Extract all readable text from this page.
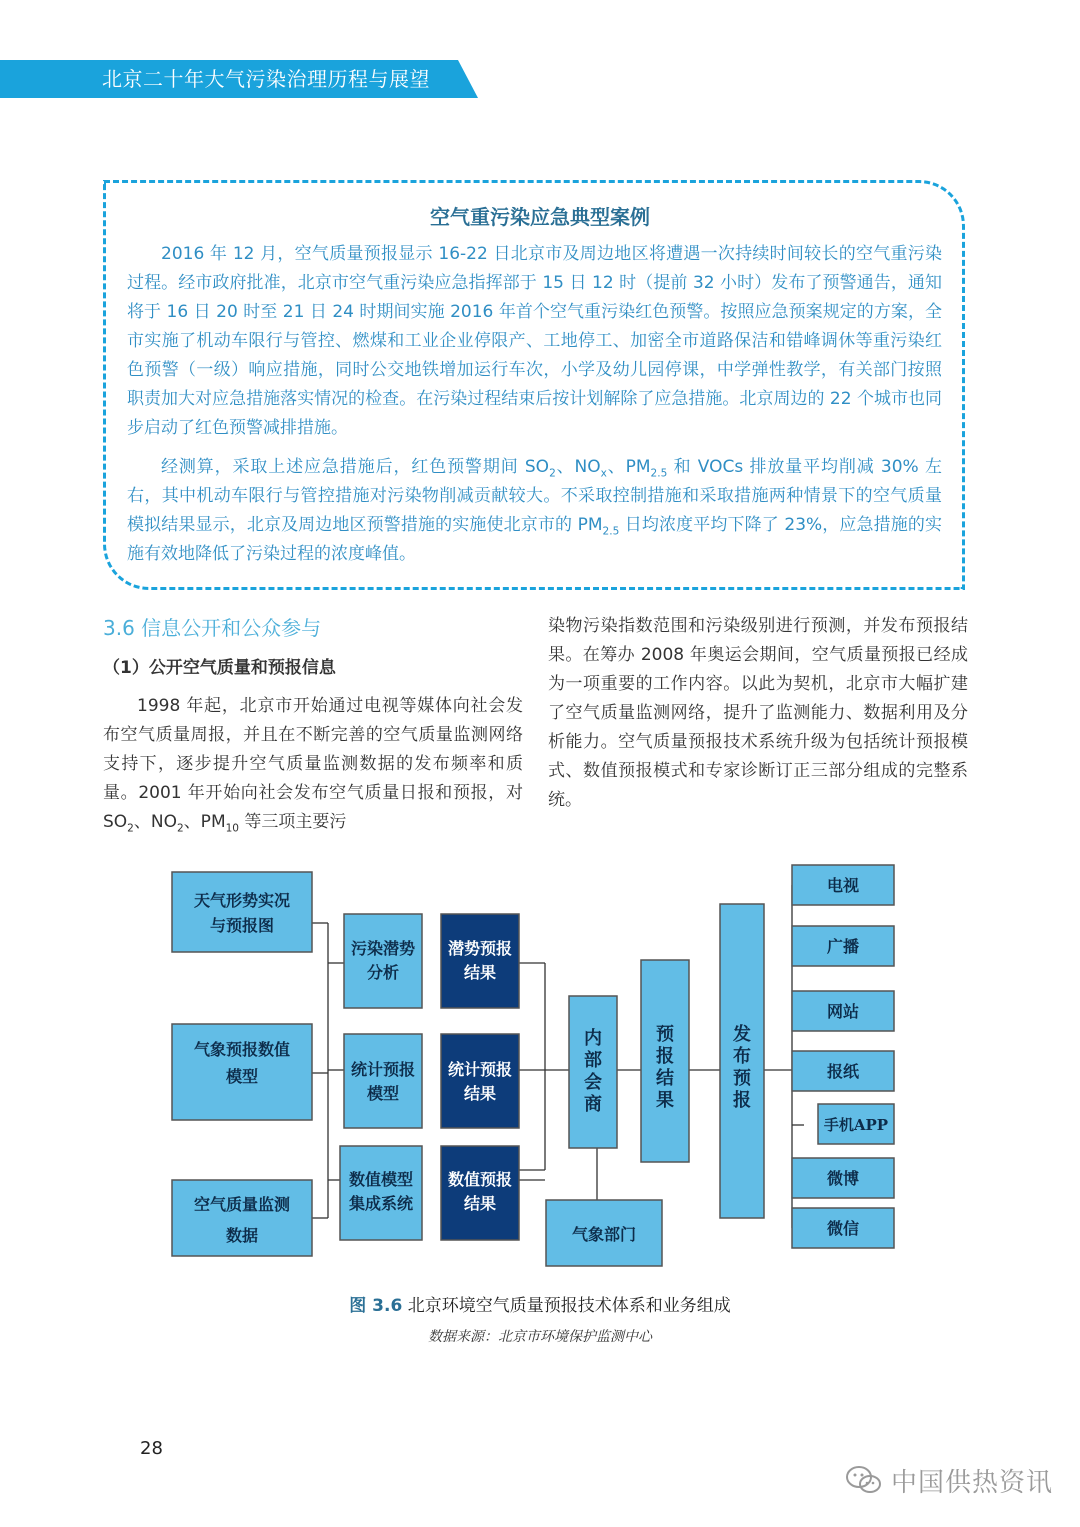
北京二十年大气污染治理历程与展望
空气重污染应急典型案例

2016 年 12 月，空气质量预报显示 16-22 日北京市及周边地区将遭遇一次持续时间较长的空气重污染过程。经市政府批准，北京市空气重污染应急指挥部于 15 日 12 时（提前 32 小时）发布了预警通告，通知将于 16 日 20 时至 21 日 24 时期间实施 2016 年首个空气重污染红色预警。按照应急预案规定的方案，全市实施了机动车限行与管控、燃煤和工业企业停限产、工地停工、加密全市道路保洁和错峰调休等重污染红色预警（一级）响应措施，同时公交地铁增加运行车次，小学及幼儿园停课，中学弹性教学，有关部门按照职责加大对应急措施落实情况的检查。在污染过程结束后按计划解除了应急措施。北京周边的 22 个城市也同步启动了红色预警减排措施。

经测算，采取上述应急措施后，红色预警期间 $SO_2$、$NO_x$、$PM_{2.5}$ 和 VOCs 排放量平均削减 30% 左右，其中机动车限行与管控措施对污染物削减贡献较大。不采取控制措施和采取措施两种情景下的空气质量模拟结果显示，北京及周边地区预警措施的实施使北京市的 $PM_{2.5}$ 日均浓度平均下降了 23%，应急措施的实施有效地降低了污染过程的浓度峰值。

3.6 信息公开和公众参与
（1）公开空气质量和预报信息

1998 年起，北京市开始通过电视等媒体向社会发布空气质量周报，并且在不断完善的空气质量监测网络支持下，逐步提升空气质量监测数据的发布频率和质量。2001 年开始向社会发布空气质量日报和预报，对 $SO_2$、$NO_2$、$PM_{10}$ 等三项主要污

染物污染指数范围和污染级别进行预测，并发布预报结果。在筹办 2008 年奥运会期间，空气质量预报已经成为一项重要的工作内容。以此为契机，北京市大幅扩建了空气质量监测网络，提升了监测能力、数据利用及分析能力。空气质量预报技术系统升级为包括统计预报模式、数值预报模式和专家诊断订正三部分组成的完整系统。

天气形势实况
与预报图
气象预报数值
模型
空气质量监测
数据
污染潜势
分析
统计预报
模型
数值模型
集成系统
潜势预报
结果
统计预报
结果
数值预报
结果
内
部
会
商
气象部门
预
报
结
果
发
布
预
报
电视
广播
网站
报纸
手机APP
微博
微信
图 3.6 北京环境空气质量预报技术体系和业务组成
数据来源：北京市环境保护监测中心
28
中国供热资讯
